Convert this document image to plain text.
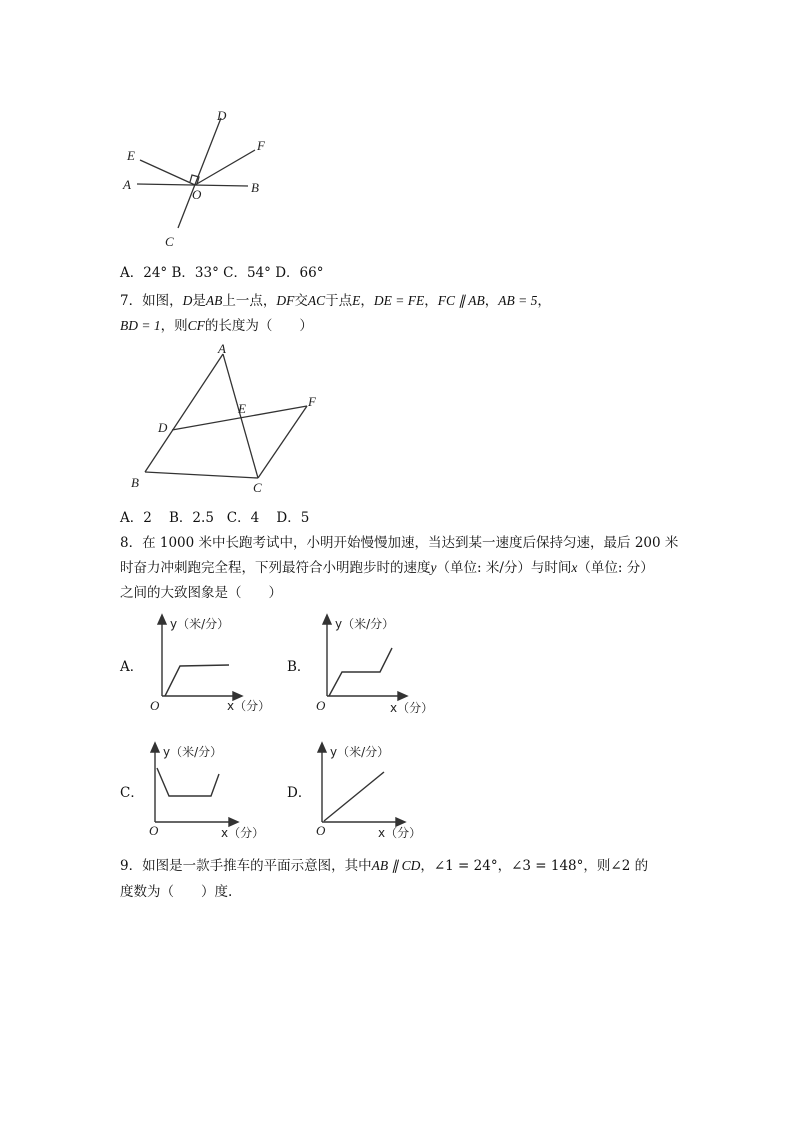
D
F
E
A
O	B
C
A．24° B．33° C．54° D．66°
7．如图，D是AB上一点，DF交AC于点E，DE = FE，FC ∥ AB，AB = 5，
BD = 1，则CF的长度为（　　）
A
E	F
D
B	C
A．2 B．2.5 C．4 D．5
8．在 1000 米中长跑考试中，小明开始慢慢加速，当达到某一速度后保持匀速，最后 200 米
时奋力冲刺跑完全程，下列最符合小明跑步时的速度y（单位: 米/分）与时间x（单位: 分）
之间的大致图象是（　　）
A．	B．
C．	D．
y（米/分）
O	x（分）
y（米/分）
O	x（分）
y（米/分）
O	x（分）
y（米/分）
O	x（分）
9．如图是一款手推车的平面示意图，其中AB ∥ CD，∠1 = 24°，∠3 = 148°，则∠2 的
度数为（　　）度.
